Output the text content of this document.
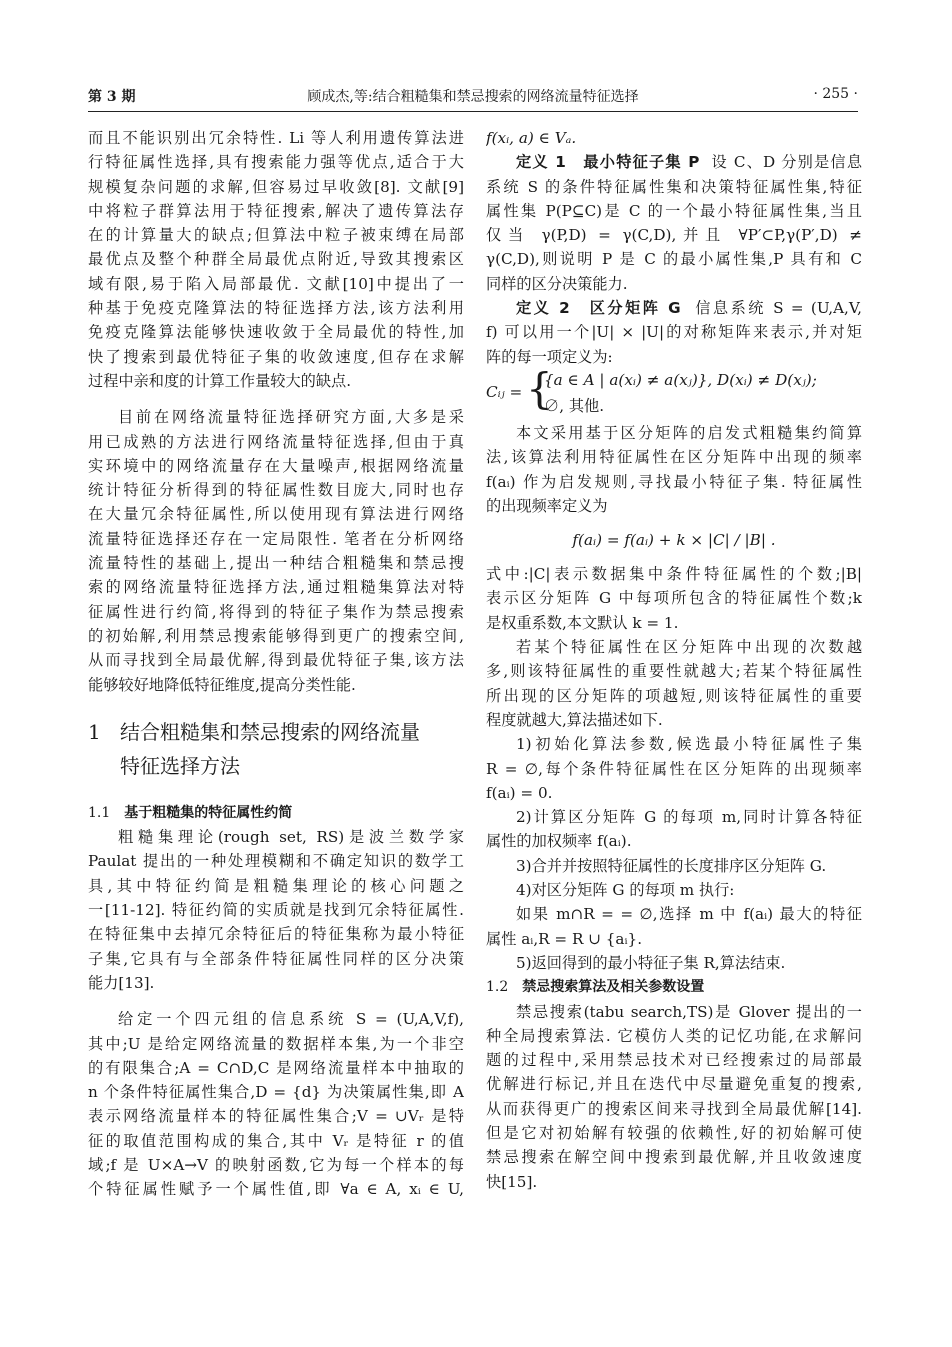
第 3 期	顾成杰,等:结合粗糙集和禁忌搜索的网络流量特征选择	· 255 ·
而且不能识别出冗余特性. Li 等人利用遗传算法进
行特征属性选择,具有搜索能力强等优点,适合于大
规模复杂问题的求解,但容易过早收敛[8]. 文献[9]
中将粒子群算法用于特征搜索,解决了遗传算法存
在的计算量大的缺点;但算法中粒子被束缚在局部
最优点及整个种群全局最优点附近,导致其搜索区
域有限,易于陷入局部最优. 文献[10]中提出了一
种基于免疫克隆算法的特征选择方法,该方法利用
免疫克隆算法能够快速收敛于全局最优的特性,加
快了搜索到最优特征子集的收敛速度,但存在求解
过程中亲和度的计算工作量较大的缺点.
目前在网络流量特征选择研究方面,大多是采
用已成熟的方法进行网络流量特征选择,但由于真
实环境中的网络流量存在大量噪声,根据网络流量
统计特征分析得到的特征属性数目庞大,同时也存
在大量冗余特征属性,所以使用现有算法进行网络
流量特征选择还存在一定局限性. 笔者在分析网络
流量特性的基础上,提出一种结合粗糙集和禁忌搜
索的网络流量特征选择方法,通过粗糙集算法对特
征属性进行约简,将得到的特征子集作为禁忌搜索
的初始解,利用禁忌搜索能够得到更广的搜索空间,
从而寻找到全局最优解,得到最优特征子集,该方法
能够较好地降低特征维度,提高分类性能.
1 结合粗糙集和禁忌搜索的网络流量
特征选择方法
1.1 基于粗糙集的特征属性约简
粗糙集理论(rough set, RS)是波兰数学家
Paulat 提出的一种处理模糊和不确定知识的数学工
具,其中特征约简是粗糙集理论的核心问题之
一[11-12]. 特征约简的实质就是找到冗余特征属性.
在特征集中去掉冗余特征后的特征集称为最小特征
子集,它具有与全部条件特征属性同样的区分决策
能力[13].
给定一个四元组的信息系统 S = (U,A,V,f),
其中;U 是给定网络流量的数据样本集,为一个非空
的有限集合;A = C∩D,C 是网络流量样本中抽取的
n 个条件特征属性集合,D = {d} 为决策属性集,即 A
表示网络流量样本的特征属性集合;V = ∪Vᵣ 是特
征的取值范围构成的集合,其中 Vᵣ 是特征 r 的值
域;f 是 U×A→V 的映射函数,它为每一个样本的每
个特征属性赋予一个属性值,即 ∀a ∈ A, xᵢ ∈ U,
f(xᵢ, a) ∈ Vₐ.
定义 1　最小特征子集 P 设 C、D 分别是信息
系统 S 的条件特征属性集和决策特征属性集,特征
属性集 P(P⊆C)是 C 的一个最小特征属性集,当且
仅当 γ(P,D) = γ(C,D),并且 ∀P′⊂P,γ(P′,D) ≠
γ(C,D),则说明 P 是 C 的最小属性集,P 具有和 C
同样的区分决策能力.
定义 2　区分矩阵 G 信息系统 S = (U,A,V,
f) 可以用一个|U| × |U|的对称矩阵来表示,并对矩
阵的每一项定义为:
Cᵢⱼ = {
{a ∈ A | a(xᵢ) ≠ a(xⱼ)}, D(xᵢ) ≠ D(xⱼ);
∅, 其他.
本文采用基于区分矩阵的启发式粗糙集约简算
法,该算法利用特征属性在区分矩阵中出现的频率
f(aᵢ) 作为启发规则,寻找最小特征子集. 特征属性
的出现频率定义为
f(aᵢ) = f(aᵢ) + k × |C| / |B| .
式中:|C|表示数据集中条件特征属性的个数;|B|
表示区分矩阵 G 中每项所包含的特征属性个数;k
是权重系数,本文默认 k = 1.
若某个特征属性在区分矩阵中出现的次数越
多,则该特征属性的重要性就越大;若某个特征属性
所出现的区分矩阵的项越短,则该特征属性的重要
程度就越大,算法描述如下.
1)初始化算法参数,候选最小特征属性子集
R = ∅,每个条件特征属性在区分矩阵的出现频率
f(aᵢ) = 0.
2)计算区分矩阵 G 的每项 m,同时计算各特征
属性的加权频率 f(aᵢ).
3)合并并按照特征属性的长度排序区分矩阵 G.
4)对区分矩阵 G 的每项 m 执行:
如果 m∩R = = ∅,选择 m 中 f(aᵢ) 最大的特征
属性 aᵢ,R = R ∪ {aᵢ}.
5)返回得到的最小特征子集 R,算法结束.
1.2 禁忌搜索算法及相关参数设置
禁忌搜索(tabu search,TS)是 Glover 提出的一
种全局搜索算法. 它模仿人类的记忆功能,在求解问
题的过程中,采用禁忌技术对已经搜索过的局部最
优解进行标记,并且在迭代中尽量避免重复的搜索,
从而获得更广的搜索区间来寻找到全局最优解[14].
但是它对初始解有较强的依赖性,好的初始解可使
禁忌搜索在解空间中搜索到最优解,并且收敛速度
快[15].
